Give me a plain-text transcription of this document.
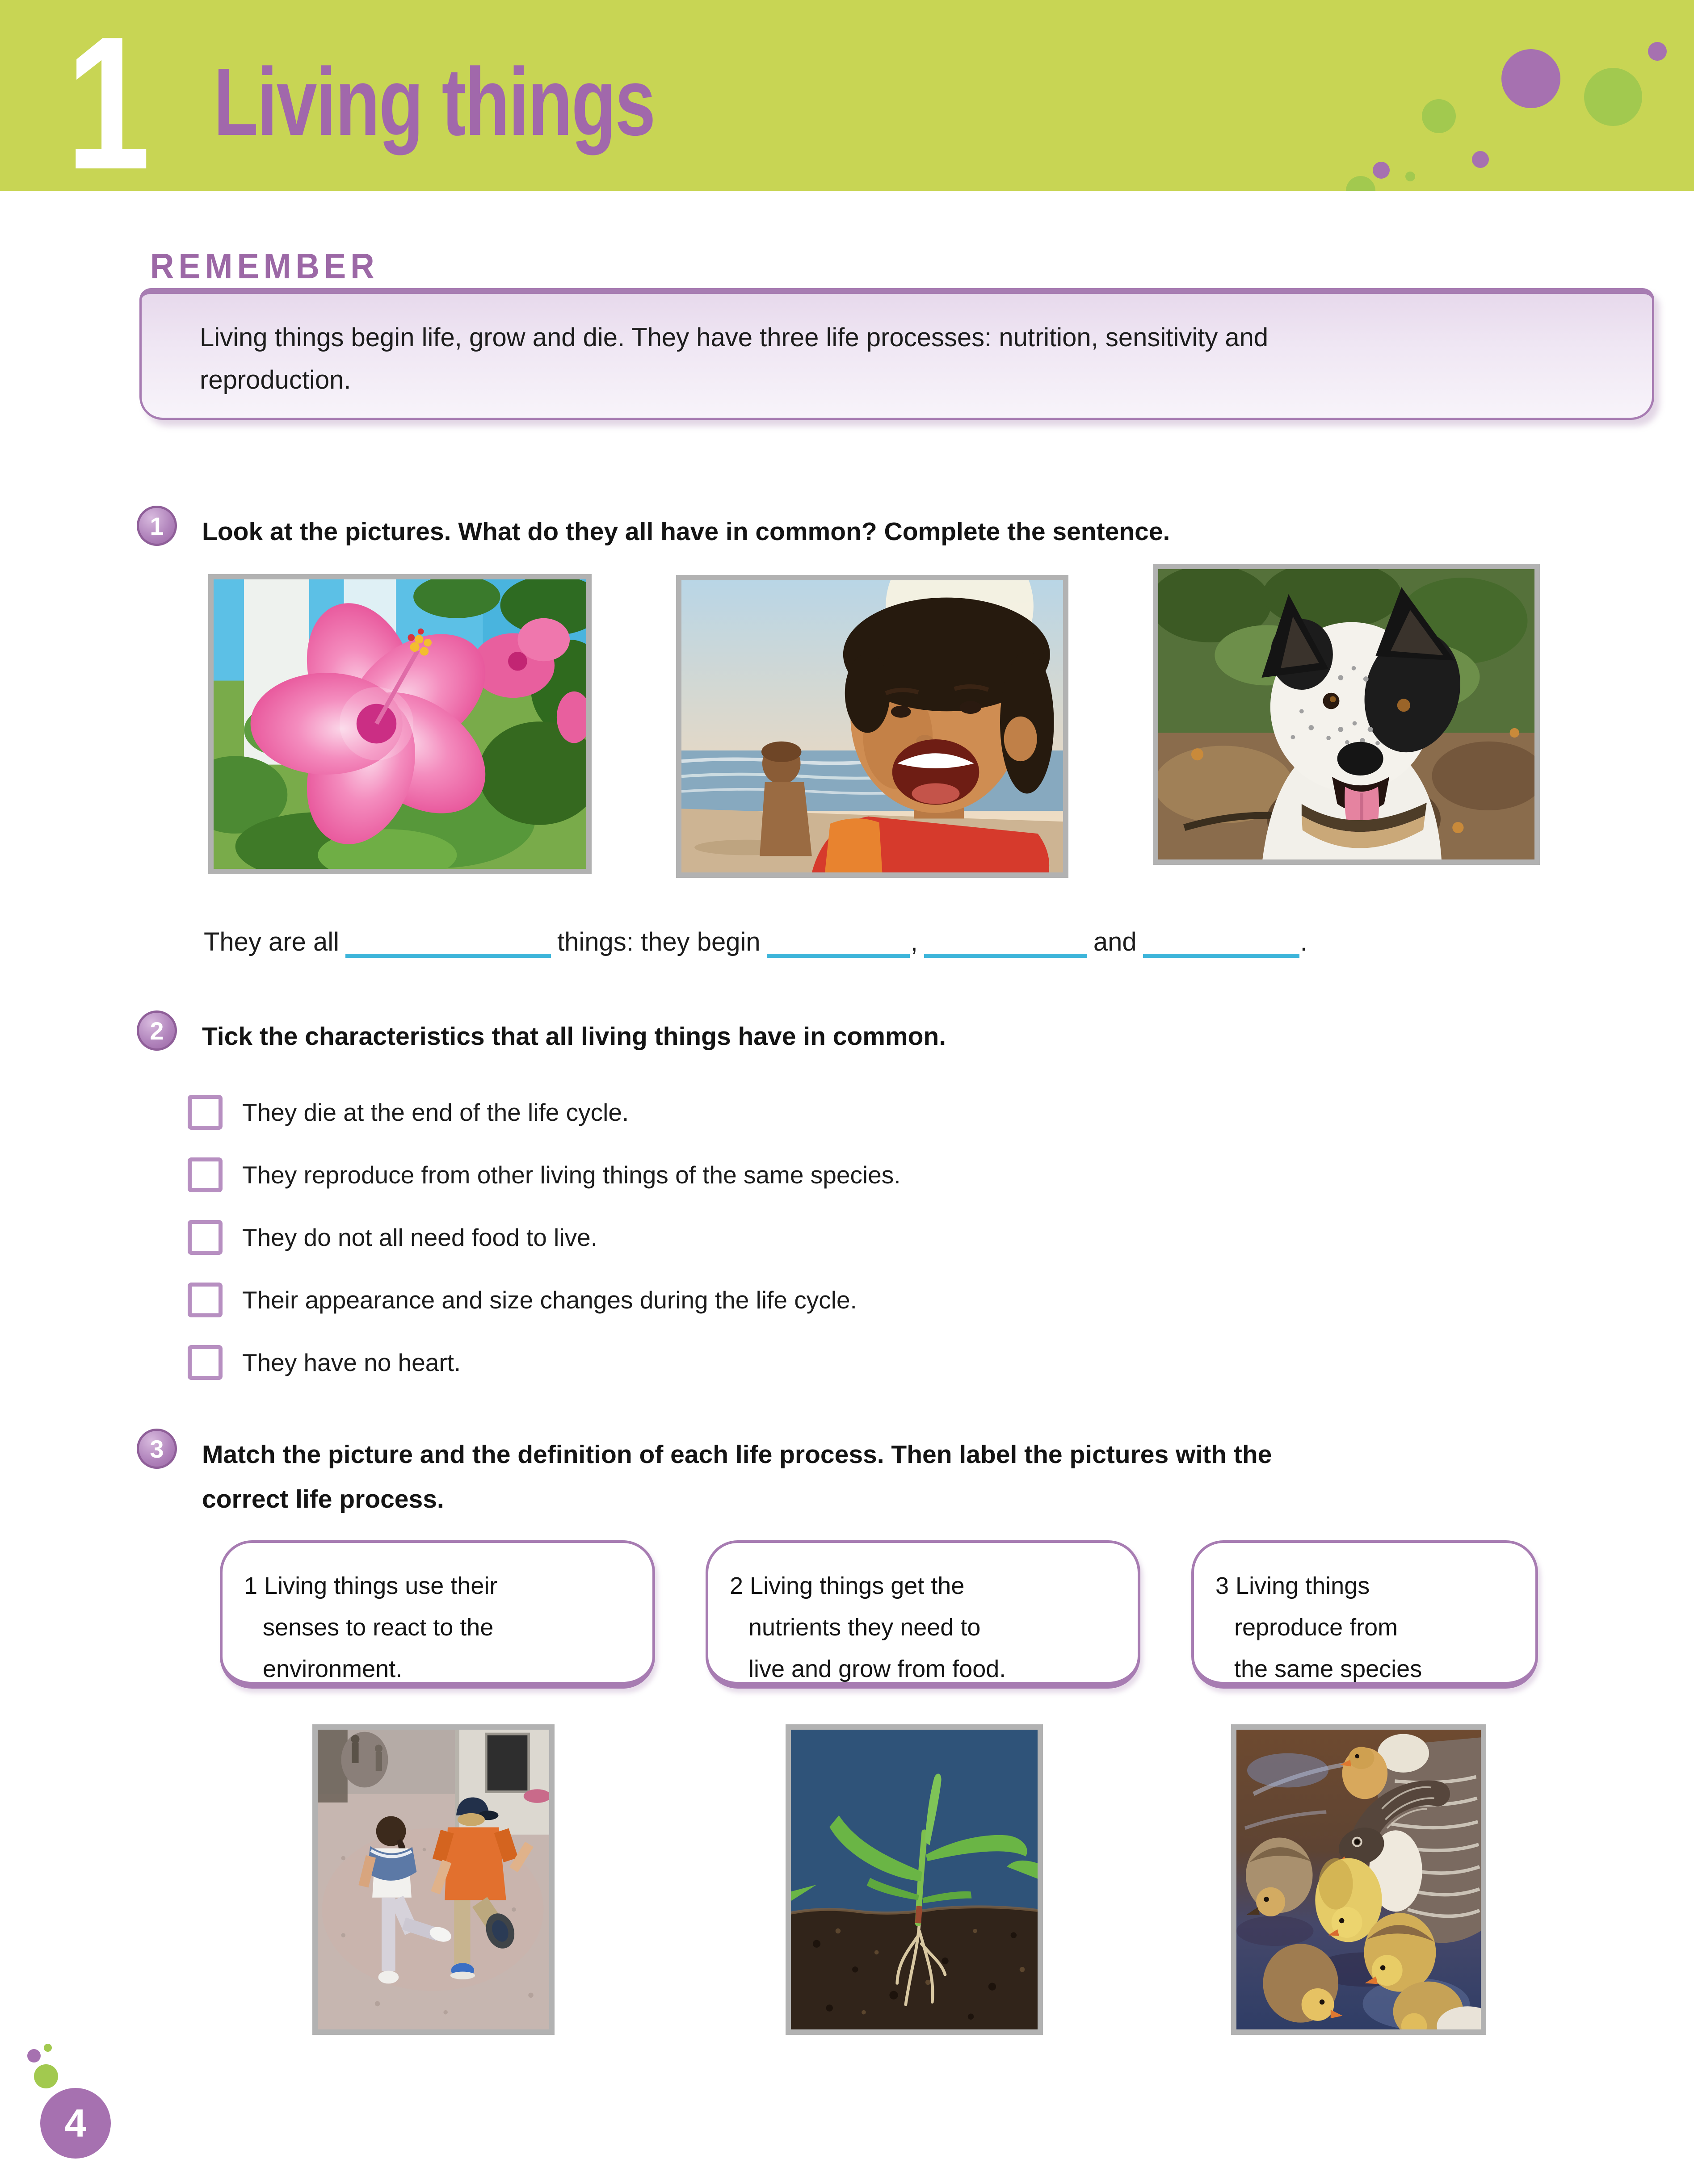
1 Living things
REMEMBER
Living things begin life, grow and die. They have three life processes: nutrition, sensitivity and reproduction.
1	Look at the pictures. What do they all have in common? Complete the sentence.
They are all	things: they begin	,	and	.
2	Tick the characteristics that all living things have in common.
They die at the end of the life cycle.
They reproduce from other living things of the same species.
They do not all need food to live.
Their appearance and size changes during the life cycle.
They have no heart.
3	Match the picture and the definition of each life process. Then label the pictures with the
correct life process.
1 Living things use their
senses to react to the
environment.
2 Living things get the
nutrients they need to
live and grow from food.
3 Living things
reproduce from
the same species
4
